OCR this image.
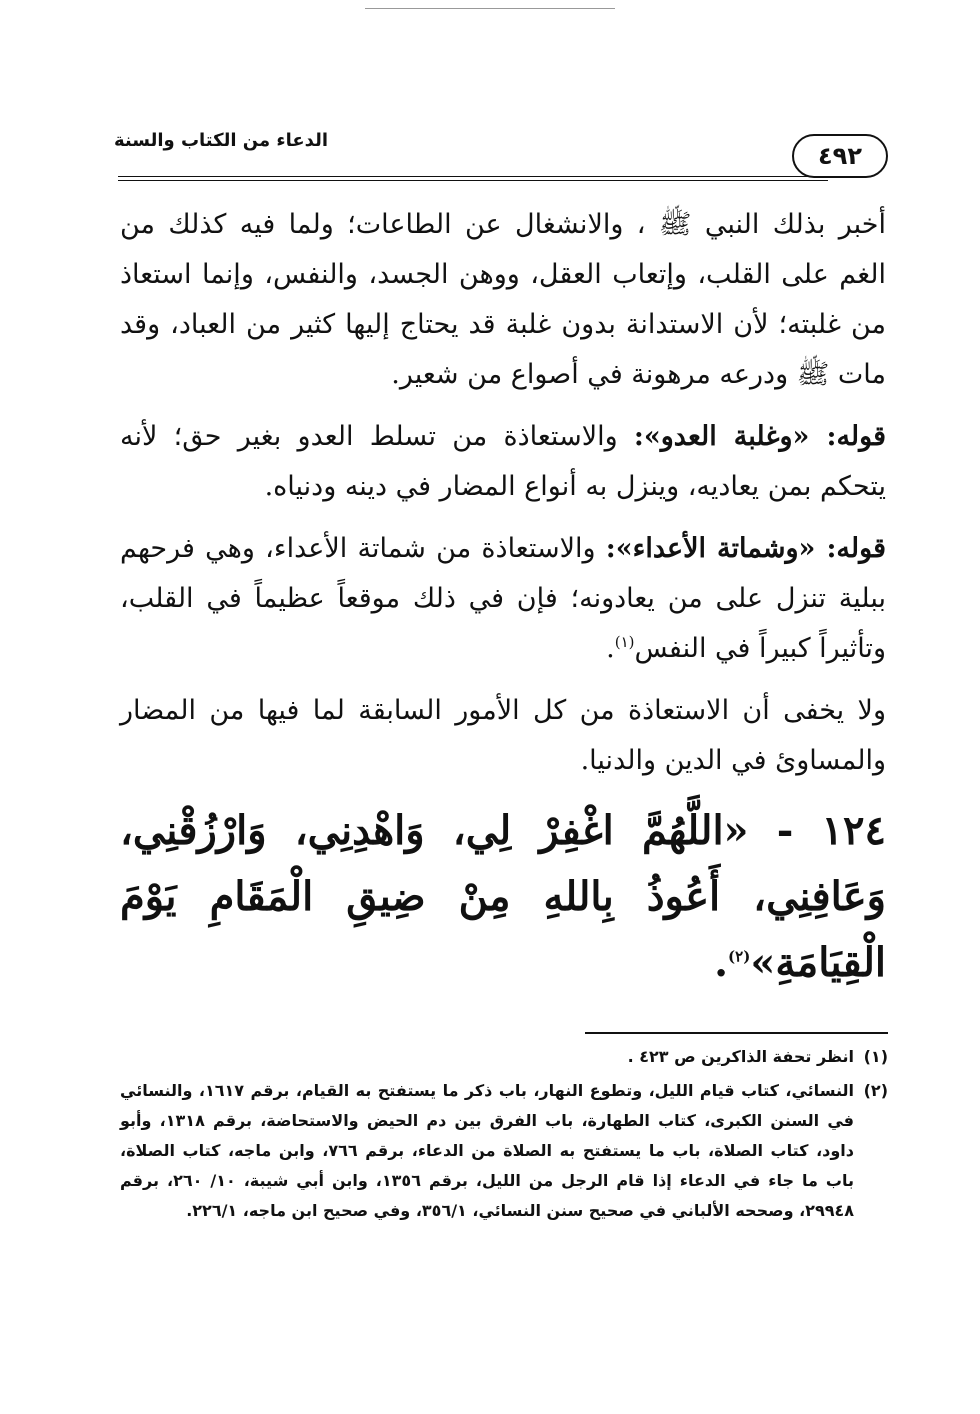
الدعاء من الكتاب والسنة
٤٩٢

أخبر بذلك النبي ﷺ ، والانشغال عن الطاعات؛ ولما فيه كذلك من الغم على القلب، وإتعاب العقل، ووهن الجسد، والنفس، وإنما استعاذ من غلبته؛ لأن الاستدانة بدون غلبة قد يحتاج إليها كثير من العباد، وقد مات ﷺ ودرعه مرهونة في أصواع من شعير.

قوله: «وغلبة العدو»: والاستعاذة من تسلط العدو بغير حق؛ لأنه يتحكم بمن يعاديه، وينزل به أنواع المضار في دينه ودنياه.

قوله: «وشماتة الأعداء»: والاستعاذة من شماتة الأعداء، وهي فرحهم ببلية تنزل على من يعادونه؛ فإن في ذلك موقعاً عظيماً في القلب، وتأثيراً كبيراً في النفس$^{(١)}$.

ولا يخفى أن الاستعاذة من كل الأمور السابقة لما فيها من المضار والمساوئ في الدين والدنيا.

١٢٤ - «اللَّهُمَّ اغْفِرْ لِي، وَاهْدِنِي، وَارْزُقْنِي، وَعَافِنِي، أَعُوذُ بِاللهِ مِنْ ضِيقِ الْمَقَامِ يَوْمَ الْقِيَامَةِ»$^{(٢)}$.

(١)
انظر تحفة الذاكرين ص ٤٢٣ .
(٢)
النسائي، كتاب قيام الليل، وتطوع النهار، باب ذكر ما يستفتح به القيام، برقم ١٦١٧، والنسائي في السنن الكبرى، كتاب الطهارة، باب الفرق بين دم الحيض والاستحاضة، برقم ١٣١٨، وأبو داود، كتاب الصلاة، باب ما يستفتح به الصلاة من الدعاء، برقم ٧٦٦، وابن ماجه، كتاب الصلاة، باب ما جاء في الدعاء إذا قام الرجل من الليل، برقم ١٣٥٦، وابن أبي شيبة، ١٠/ ٢٦٠، برقم ٢٩٩٤٨، وصححه الألباني في صحيح سنن النسائي، ٣٥٦/١، وفي صحيح ابن ماجه، ٢٢٦/١.
